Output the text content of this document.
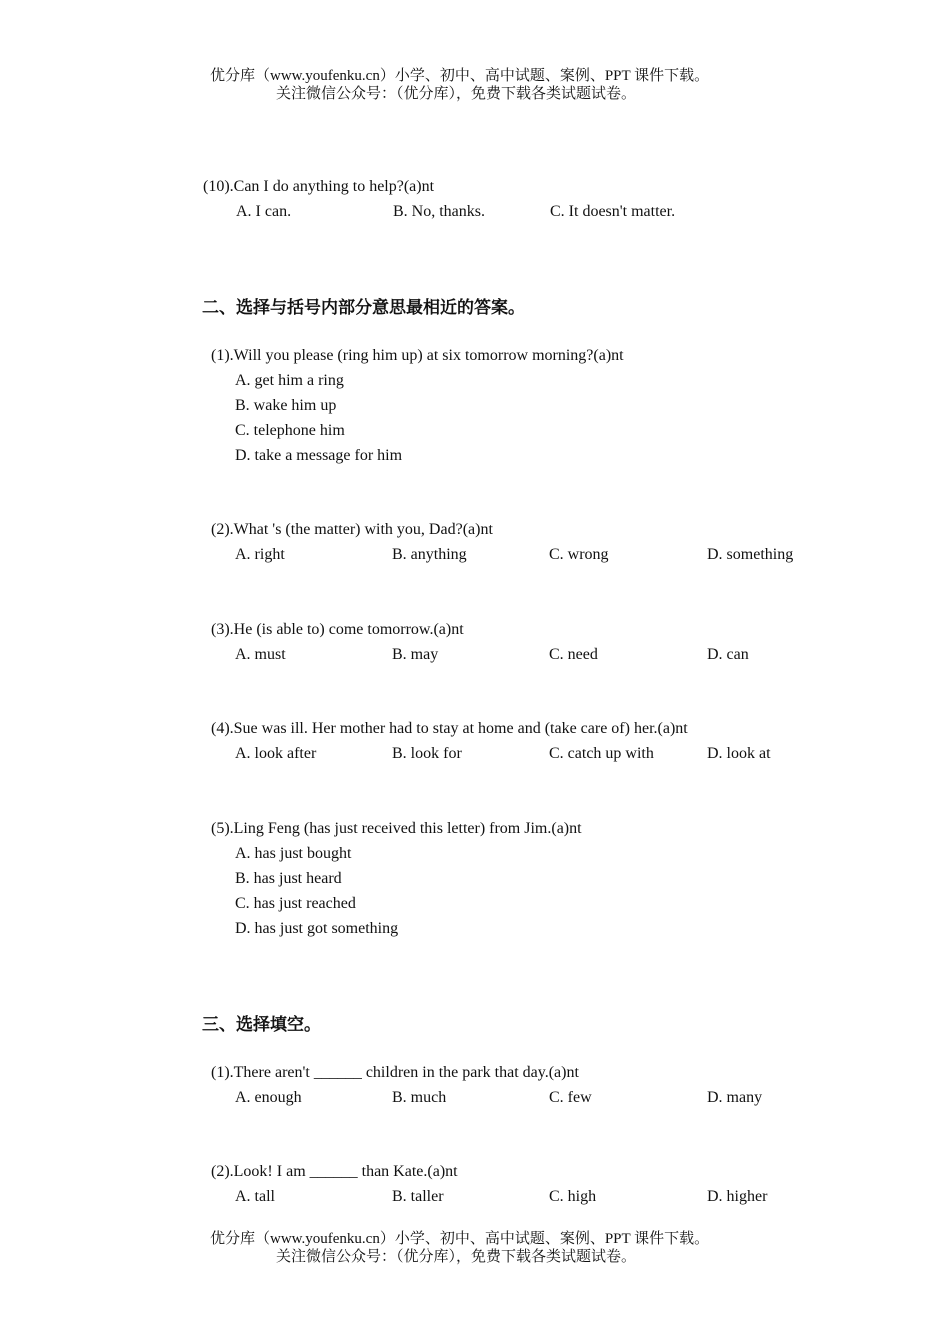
优分库（www.youfenku.cn）小学、初中、高中试题、案例、PPT 课件下载。
关注微信公众号：（优分库），免费下载各类试题试卷。
(10).Can I do anything to help?(a)nt
A. I can.	B. No, thanks.	C. It doesn't matter.
二、选择与括号内部分意思最相近的答案。
(1).Will you please (ring him up) at six tomorrow morning?(a)nt
A. get him a ring
B. wake him up
C. telephone him
D. take a message for him
(2).What 's (the matter) with you, Dad?(a)nt
A. right	B. anything	C. wrong	D. something
(3).He (is able to) come tomorrow.(a)nt
A. must	B. may	C. need	D. can
(4).Sue was ill. Her mother had to stay at home and (take care of) her.(a)nt
A. look after	B. look for	C. catch up with	D. look at
(5).Ling Feng (has just received this letter) from Jim.(a)nt
A. has just bought
B. has just heard
C. has just reached
D. has just got something
三、选择填空。
(1).There aren't ______ children in the park that day.(a)nt
A. enough	B. much	C. few	D. many
(2).Look! I am ______ than Kate.(a)nt
A. tall	B. taller	C. high	D. higher
优分库（www.youfenku.cn）小学、初中、高中试题、案例、PPT 课件下载。
关注微信公众号：（优分库），免费下载各类试题试卷。
